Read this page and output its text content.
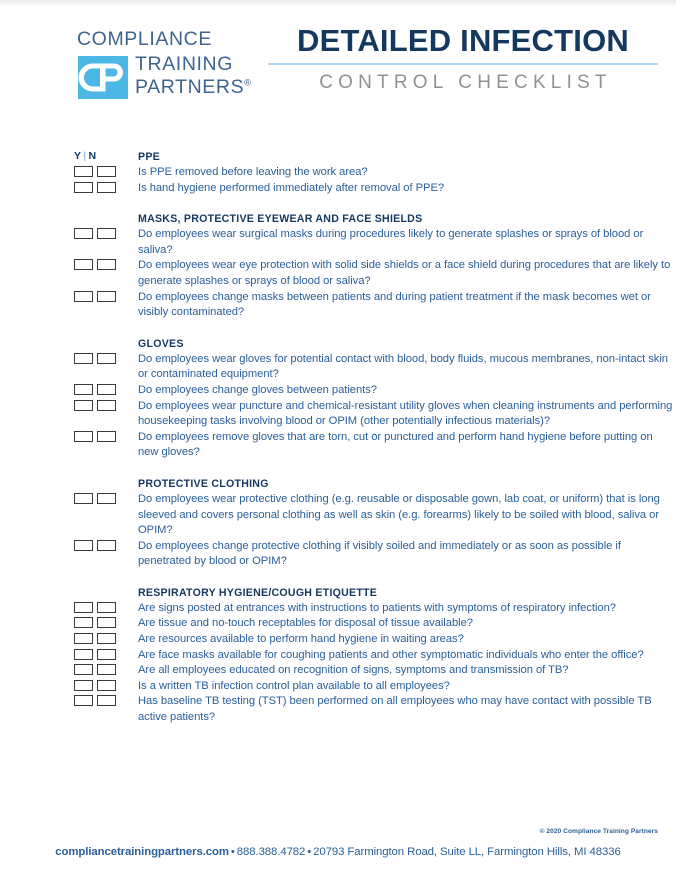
COMPLIANCE
TRAINING
PARTNERS®
DETAILED INFECTION
CONTROL CHECKLIST
Y | N	PPE
Is PPE removed before leaving the work area?
Is hand hygiene performed immediately after removal of PPE?
MASKS, PROTECTIVE EYEWEAR AND FACE SHIELDS
Do employees wear surgical masks during procedures likely to generate splashes or sprays of blood or saliva?
Do employees wear eye protection with solid side shields or a face shield during procedures that are likely to generate splashes or sprays of blood or saliva?
Do employees change masks between patients and during patient treatment if the mask becomes wet or visibly contaminated?
GLOVES
Do employees wear gloves for potential contact with blood, body fluids, mucous membranes, non-intact skin or contaminated equipment?
Do employees change gloves between patients?
Do employees wear puncture and chemical-resistant utility gloves when cleaning instruments and performing housekeeping tasks involving blood or OPIM (other potentially infectious materials)?
Do employees remove gloves that are torn, cut or punctured and perform hand hygiene before putting on new gloves?
PROTECTIVE CLOTHING
Do employees wear protective clothing (e.g. reusable or disposable gown, lab coat, or uniform) that is long sleeved and covers personal clothing as well as skin (e.g. forearms) likely to be soiled with blood, saliva or OPIM?
Do employees change protective clothing if visibly soiled and immediately or as soon as possible if penetrated by blood or OPIM?
RESPIRATORY HYGIENE/COUGH ETIQUETTE
Are signs posted at entrances with instructions to patients with symptoms of respiratory infection?
Are tissue and no-touch receptables for disposal of tissue available?
Are resources available to perform hand hygiene in waiting areas?
Are face masks available for coughing patients and other symptomatic individuals who enter the office?
Are all employees educated on recognition of signs, symptoms and transmission of TB?
Is a written TB infection control plan available to all employees?
Has baseline TB testing (TST) been performed on all employees who may have contact with possible TB active patients?
© 2020 Compliance Training Partners
compliancetrainingpartners.com • 888.388.4782 • 20793 Farmington Road, Suite LL, Farmington Hills, MI 48336
